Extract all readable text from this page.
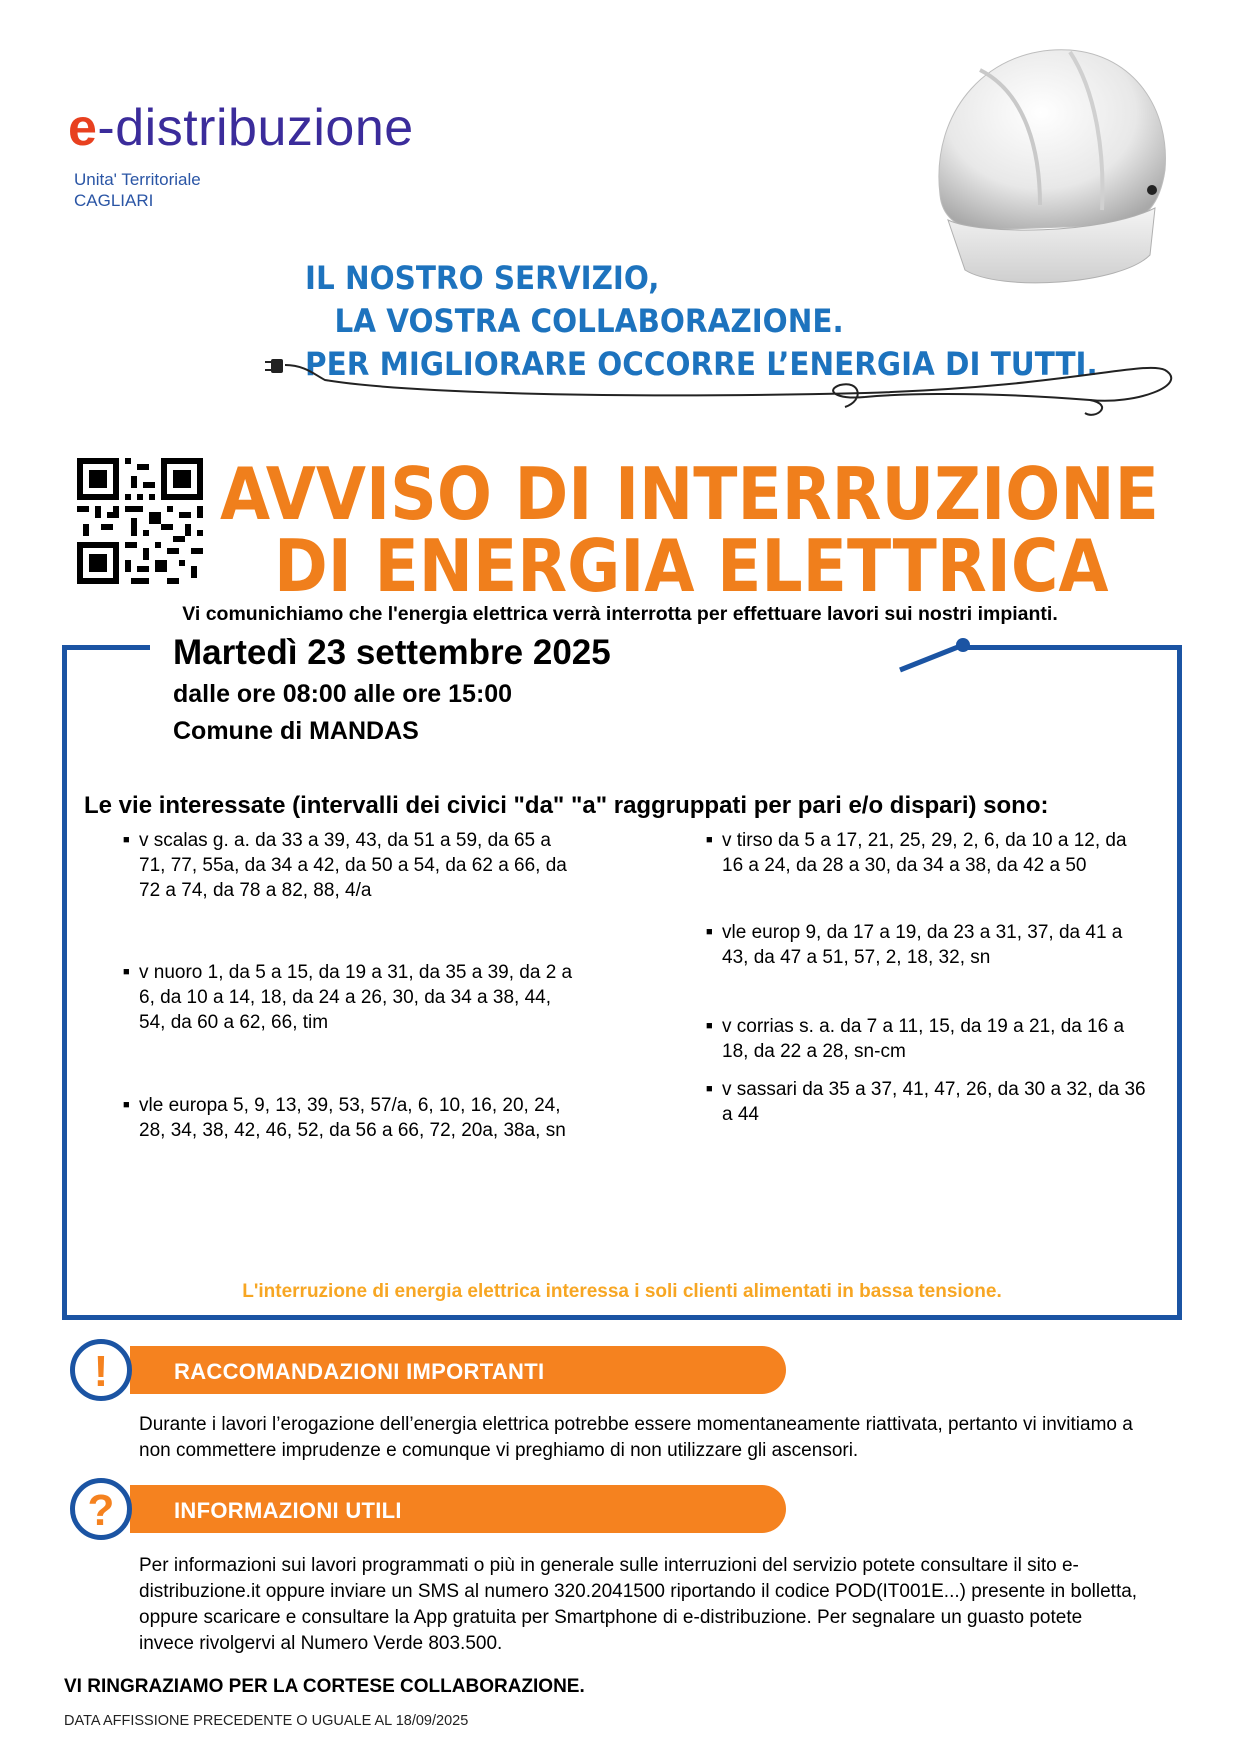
e-distribuzione
Unita' Territoriale
CAGLIARI
IL NOSTRO SERVIZIO,
LA VOSTRA COLLABORAZIONE.
PER MIGLIORARE OCCORRE L’ENERGIA DI TUTTI.
AVVISO DI INTERRUZIONE
DI ENERGIA ELETTRICA
Vi comunichiamo che l'energia elettrica verrà interrotta per effettuare lavori sui nostri impianti.
Martedì 23 settembre 2025
dalle ore 08:00 alle ore 15:00
Comune di MANDAS
Le vie interessate (intervalli dei civici "da" "a" raggruppati per pari e/o dispari) sono:
■ v scalas g. a. da 33 a 39, 43, da 51 a 59, da 65 a 71, 77, 55a, da 34 a 42, da 50 a 54, da 62 a 66, da 72 a 74, da 78 a 82, 88, 4/a
■ v nuoro 1, da 5 a 15, da 19 a 31, da 35 a 39, da 2 a 6, da 10 a 14, 18, da 24 a 26, 30, da 34 a 38, 44, 54, da 60 a 62, 66, tim
■ vle europa 5, 9, 13, 39, 53, 57/a, 6, 10, 16, 20, 24, 28, 34, 38, 42, 46, 52, da 56 a 66, 72, 20a, 38a, sn
■ v tirso da 5 a 17, 21, 25, 29, 2, 6, da 10 a 12, da 16 a 24, da 28 a 30, da 34 a 38, da 42 a 50
■ vle europ 9, da 17 a 19, da 23 a 31, 37, da 41 a 43, da 47 a 51, 57, 2, 18, 32, sn
■ v corrias s. a. da 7 a 11, 15, da 19 a 21, da 16 a 18, da 22 a 28, sn-cm
■ v sassari da 35 a 37, 41, 47, 26, da 30 a 32, da 36 a 44
L'interruzione di energia elettrica interessa i soli clienti alimentati in bassa tensione.
RACCOMANDAZIONI IMPORTANTI
!
Durante i lavori l’erogazione dell’energia elettrica potrebbe essere momentaneamente riattivata, pertanto vi invitiamo a non commettere imprudenze e comunque vi preghiamo di non utilizzare gli ascensori.
INFORMAZIONI UTILI
?
Per informazioni sui lavori programmati o più in generale sulle interruzioni del servizio potete consultare il sito e-distribuzione.it oppure inviare un SMS al numero 320.2041500 riportando il codice POD(IT001E...) presente in bolletta, oppure scaricare e consultare la App gratuita per Smartphone di e-distribuzione. Per segnalare un guasto potete invece rivolgervi al Numero Verde 803.500.
VI RINGRAZIAMO PER LA CORTESE COLLABORAZIONE.
DATA AFFISSIONE PRECEDENTE O UGUALE AL 18/09/2025
